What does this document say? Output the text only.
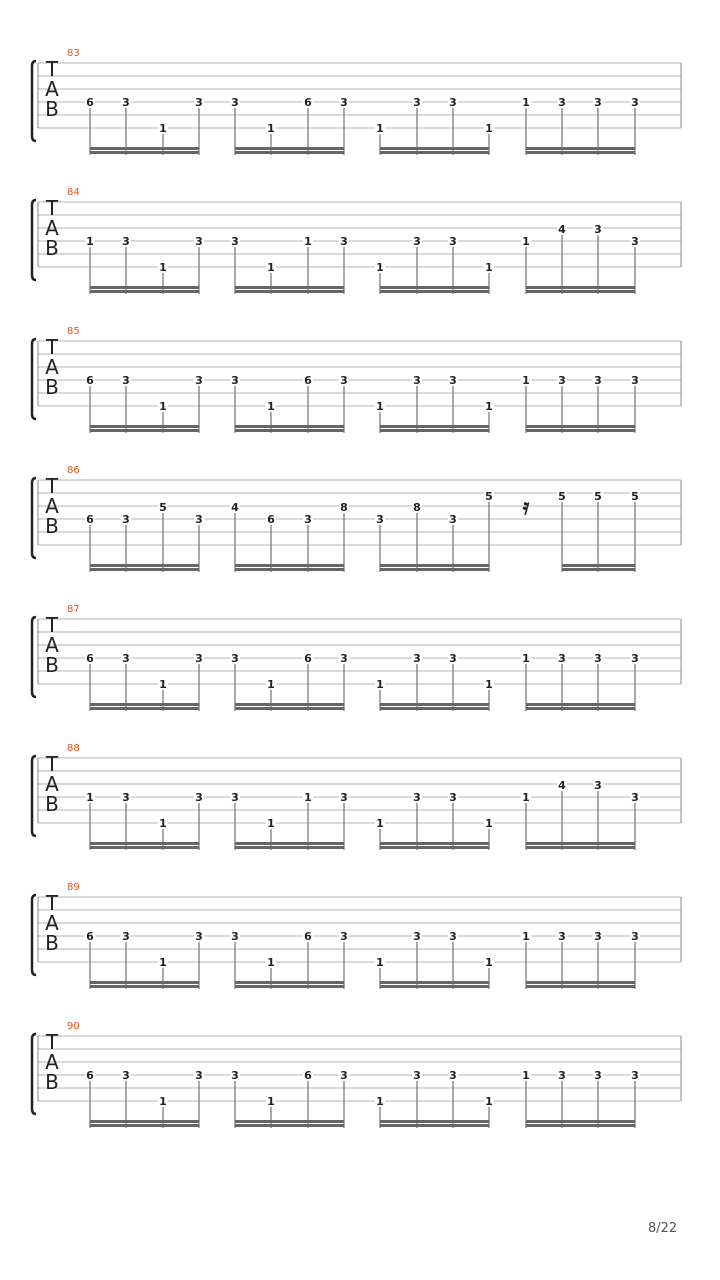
83
T
A
B 6	3
1
3	3
1
6	3
1
3	3
1
1	3	3	3
84
T
A
B 1	3
1
3	3
1
1	3
1
3	3
1
1
4	3
3
85
T
A
B 6	3
1
3	3
1
6	3
1
3	3
1
1	3	3	3
86
T
A
B 6	3
5
3
4
6	3
8
3
8
3
5 𝄿	5	5	5
87
T
A
B 6	3
1
3	3
1
6	3
1
3	3
1
1	3	3	3
88
T
A
B 1	3
1
3	3
1
1	3
1
3	3
1
1
4	3
3
89
T
A
B 6	3
1
3	3
1
6	3
1
3	3
1
1	3	3	3
90
T
A
B 6	3
1
3	3
1
6	3
1
3	3
1
1	3	3	3
8/22
